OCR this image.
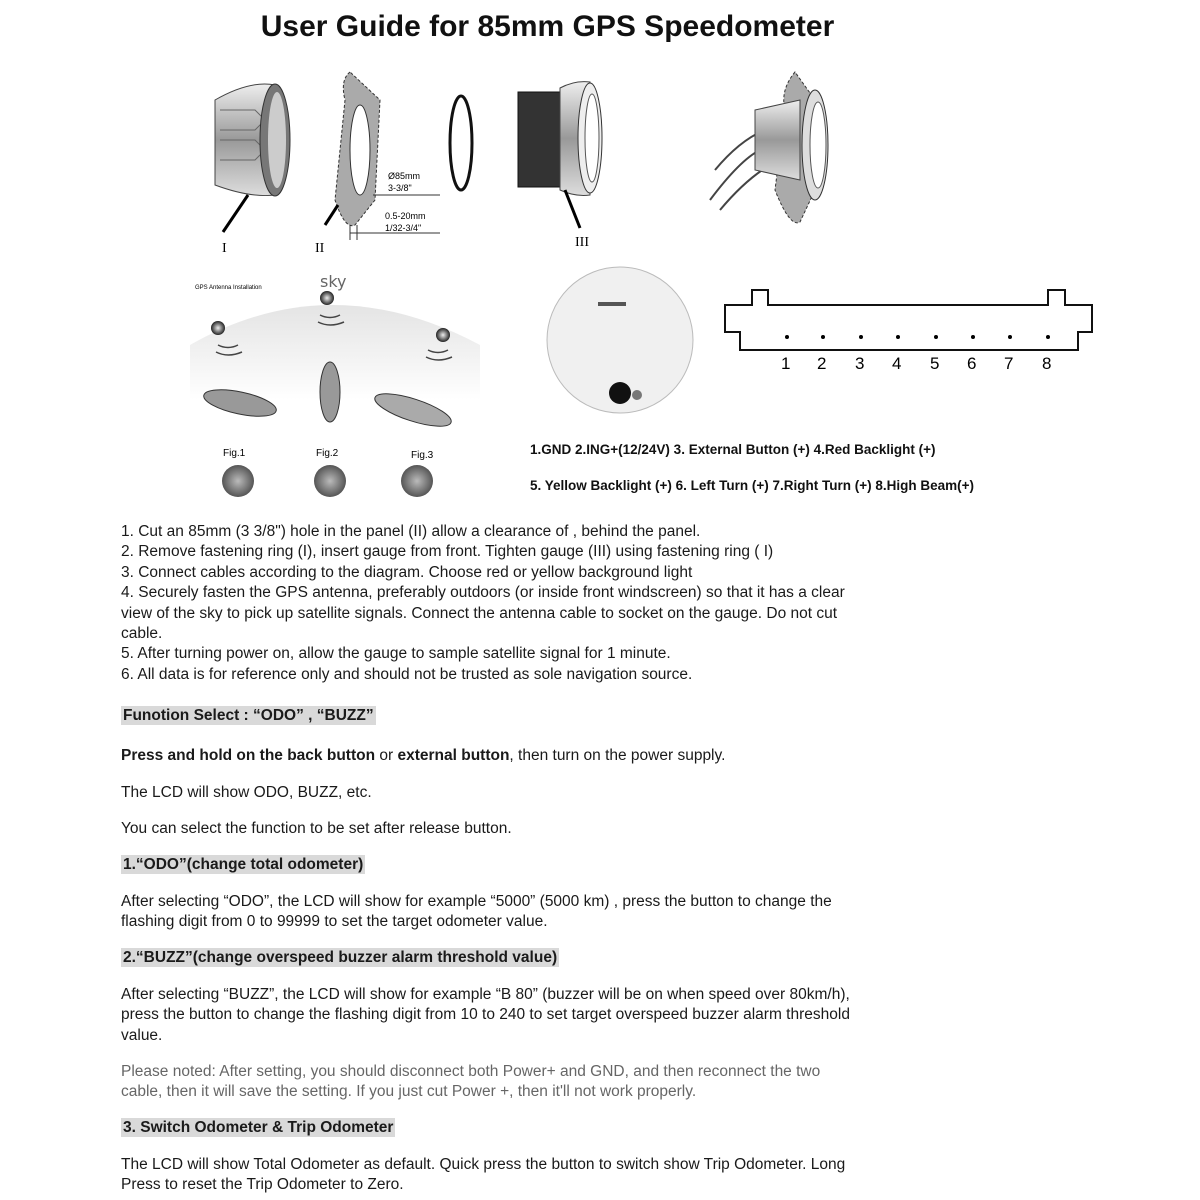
User Guide for 85mm GPS Speedometer
Ø85mm
3-3/8"
0.5-20mm
1/32-3/4"
I	II	III
GPS Antenna Installation	sky
Fig.1	Fig.2	Fig.3
1 2 3 4 5 6 7 8
1.GND 2.ING+(12/24V) 3. External Button (+) 4.Red Backlight (+)
5. Yellow Backlight (+) 6. Left Turn (+) 7.Right Turn (+) 8.High Beam(+)
1. Cut an 85mm (3 3/8") hole in the panel (II) allow a clearance of , behind the panel.
2. Remove fastening ring (I), insert gauge from front. Tighten gauge (III) using fastening ring ( I)
3. Connect cables according to the diagram. Choose red or yellow background light
4. Securely fasten the GPS antenna, preferably outdoors (or inside front windscreen) so that it has a clear
view of the sky to pick up satellite signals. Connect the antenna cable to socket on the gauge. Do not cut
cable.
5. After turning power on, allow the gauge to sample satellite signal for 1 minute.
6. All data is for reference only and should not be trusted as sole navigation source.
Funotion Select : “ODO” , “BUZZ”
Press and hold on the back button or external button, then turn on the power supply.
The LCD will show ODO, BUZZ, etc.
You can select the function to be set after release button.
1.“ODO”(change total odometer)
After selecting “ODO”, the LCD will show for example “5000” (5000 km) , press the button to change the
flashing digit from 0 to 99999 to set the target odometer value.
2.“BUZZ”(change overspeed buzzer alarm threshold value)
After selecting “BUZZ”, the LCD will show for example “B 80” (buzzer will be on when speed over 80km/h),
press the button to change the flashing digit from 10 to 240 to set target overspeed buzzer alarm threshold
value.
Please noted: After setting, you should disconnect both Power+ and GND, and then reconnect the two
cable, then it will save the setting. If you just cut Power +, then it'll not work properly.
3. Switch Odometer & Trip Odometer
The LCD will show Total Odometer as default. Quick press the button to switch show Trip Odometer. Long
Press to reset the Trip Odometer to Zero.
